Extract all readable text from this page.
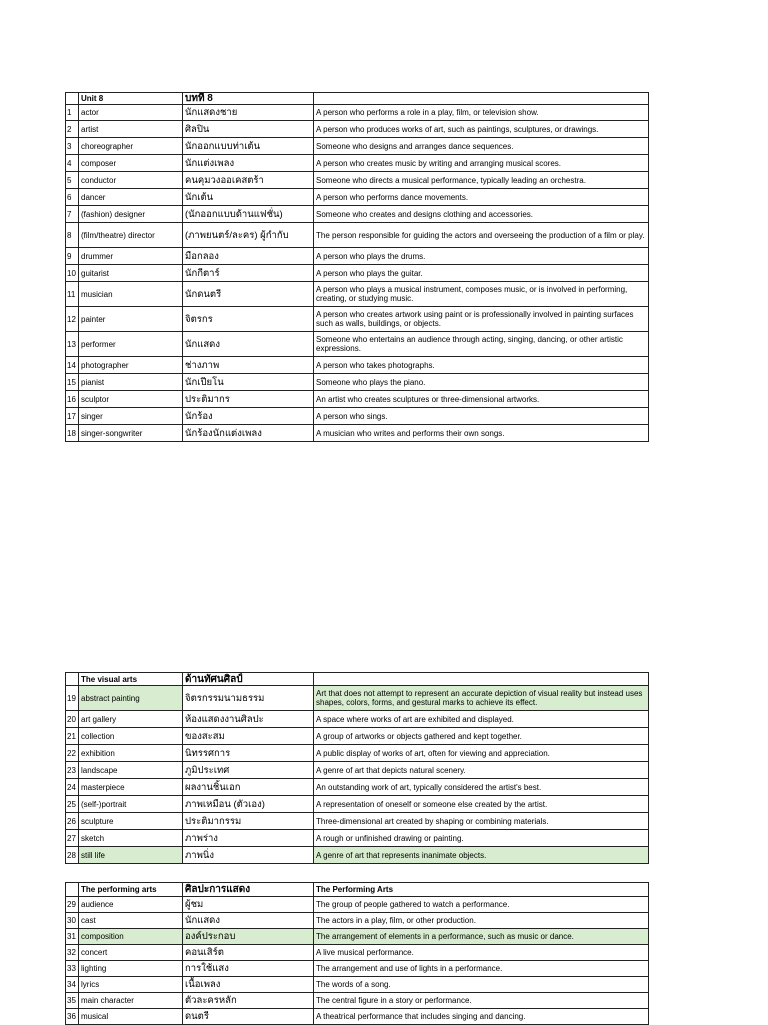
	Unit 8	บทที่ 8	
1	actor	นักแสดงชาย	A person who performs a role in a play, film, or television show.
2	artist	ศิลปิน	A person who produces works of art, such as paintings, sculptures, or drawings.
3	choreographer	นักออกแบบท่าเต้น	Someone who designs and arranges dance sequences.
4	composer	นักแต่งเพลง	A person who creates music by writing and arranging musical scores.
5	conductor	คนคุมวงออเคสตร้า	Someone who directs a musical performance, typically leading an orchestra.
6	dancer	นักเต้น	A person who performs dance movements.
7	(fashion) designer	(นักออกแบบด้านแฟชั่น)	Someone who creates and designs clothing and accessories.
8	(film/theatre) director	(ภาพยนตร์/ละคร) ผู้กำกับ	The person responsible for guiding the actors and overseeing the production of a film or play.
9	drummer	มือกลอง	A person who plays the drums.
10	guitarist	นักกีตาร์	A person who plays the guitar.
11	musician	นักดนตรี	A person who plays a musical instrument, composes music, or is involved in performing, creating, or studying music.
12	painter	จิตรกร	A person who creates artwork using paint or is professionally involved in painting surfaces such as walls, buildings, or objects.
13	performer	นักแสดง	Someone who entertains an audience through acting, singing, dancing, or other artistic expressions.
14	photographer	ช่างภาพ	A person who takes photographs.
15	pianist	นักเปียโน	Someone who plays the piano.
16	sculptor	ประติมากร	An artist who creates sculptures or three-dimensional artworks.
17	singer	นักร้อง	A person who sings.
18	singer-songwriter	นักร้องนักแต่งเพลง	A musician who writes and performs their own songs.
	The visual arts	ด้านทัศนศิลป์	
19	abstract painting	จิตรกรรมนามธรรม	Art that does not attempt to represent an accurate depiction of visual reality but instead uses shapes, colors, forms, and gestural marks to achieve its effect.
20	art gallery	ห้องแสดงงานศิลปะ	A space where works of art are exhibited and displayed.
21	collection	ของสะสม	A group of artworks or objects gathered and kept together.
22	exhibition	นิทรรศการ	A public display of works of art, often for viewing and appreciation.
23	landscape	ภูมิประเทศ	A genre of art that depicts natural scenery.
24	masterpiece	ผลงานชิ้นเอก	An outstanding work of art, typically considered the artist's best.
25	(self-)portrait	ภาพเหมือน (ตัวเอง)	A representation of oneself or someone else created by the artist.
26	sculpture	ประติมากรรม	Three-dimensional art created by shaping or combining materials.
27	sketch	ภาพร่าง	A rough or unfinished drawing or painting.
28	still life	ภาพนิ่ง	A genre of art that represents inanimate objects.
	The performing arts	ศิลปะการแสดง	The Performing Arts
29	audience	ผู้ชม	The group of people gathered to watch a performance.
30	cast	นักแสดง	The actors in a play, film, or other production.
31	composition	องค์ประกอบ	The arrangement of elements in a performance, such as music or dance.
32	concert	คอนเสิร์ต	A live musical performance.
33	lighting	การใช้แสง	The arrangement and use of lights in a performance.
34	lyrics	เนื้อเพลง	The words of a song.
35	main character	ตัวละครหลัก	The central figure in a story or performance.
36	musical	ดนตรี	A theatrical performance that includes singing and dancing.
